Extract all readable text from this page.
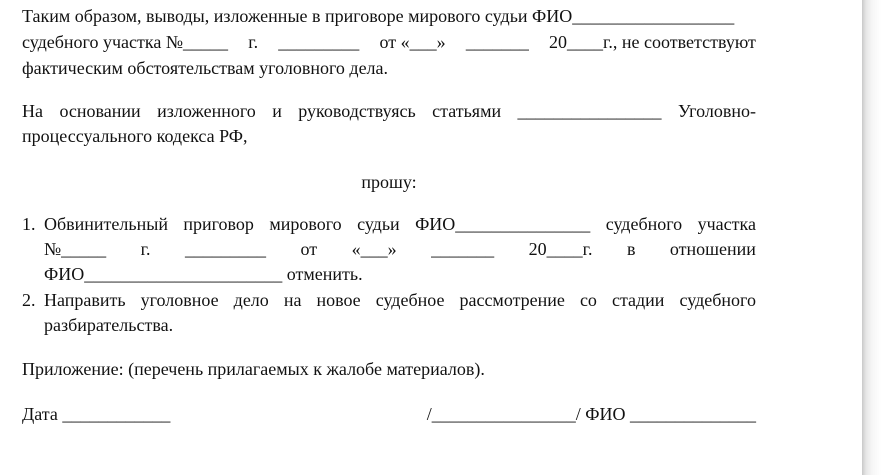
Таким образом, выводы, изложенные в приговоре мирового судьи ФИО__________________
судебного участка №_____ г. _________ от «___» _______ 20____г., не соответствуют
фактическим обстоятельствам уголовного дела.
На основании изложенного и руководствуясь статьями ________________ Уголовно-
процессуального кодекса РФ,
прошу:
1. Обвинительный приговор мирового судьи ФИО_______________ судебного участка
№_____ г. _________ от «___» _______ 20____г. в отношении
ФИО______________________ отменить.
2. Направить уголовное дело на новое судебное рассмотрение со стадии судебного
разбирательства.
Приложение: (перечень прилагаемых к жалобе материалов).
Дата ____________	/________________/ ФИО ______________
